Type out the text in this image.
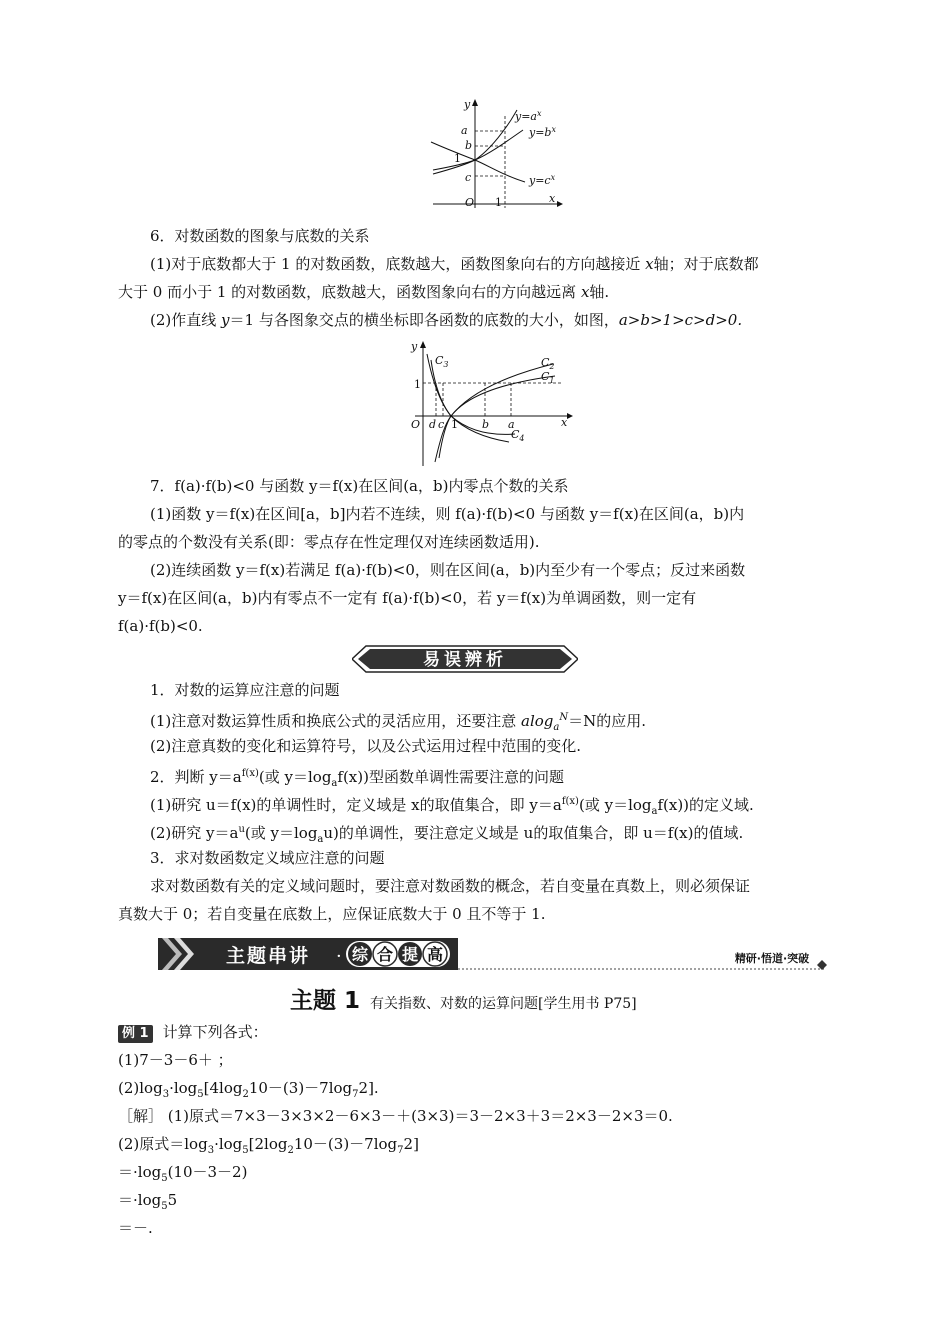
y
x
O 1
1
a
b
c
$y=a^x$
$y=b^x$
$y=c^x$
6．对数函数的图象与底数的关系
(1)对于底数都大于 1 的对数函数，底数越大，函数图象向右的方向越接近 x轴；对于底数都
大于 0 而小于 1 的对数函数，底数越大，函数图象向右的方向越远离 x轴.
(2)作直线 y＝1 与各图象交点的横坐标即各函数的底数的大小，如图，a>b>1>c>d>0.
y
x
O
1
1
d c	b a
$C_2$
$C_1$
$C_3$
$C_4$
7．f(a)·f(b)<0 与函数 y＝f(x)在区间(a，b)内零点个数的关系
(1)函数 y＝f(x)在区间[a，b]内若不连续，则 f(a)·f(b)<0 与函数 y＝f(x)在区间(a，b)内
的零点的个数没有关系(即：零点存在性定理仅对连续函数适用).
(2)连续函数 y＝f(x)若满足 f(a)·f(b)<0，则在区间(a，b)内至少有一个零点；反过来函数
y＝f(x)在区间(a，b)内有零点不一定有 f(a)·f(b)<0，若 y＝f(x)为单调函数，则一定有
f(a)·f(b)<0.
易误辨析
1．对数的运算应注意的问题
(1)注意对数运算性质和换底公式的灵活应用，还要注意 alog$_a^N$＝N的应用.
(2)注意真数的变化和运算符号，以及公式运用过程中范围的变化.
2．判断 $y=a^{f(x)}$(或 $y=\log_af(x)$)型函数单调性需要注意的问题
(1)研究 u＝f(x)的单调性时，定义域是 x的取值集合，即 $y=a^{f(x)}$(或 $y=\log_af(x)$)的定义域.
(2)研究 $y=a^u$(或 $y=\log_au$)的单调性，要注意定义域是 u的取值集合，即 u＝f(x)的值域.
3．求对数函数定义域应注意的问题
求对数函数有关的定义域问题时，要注意对数函数的概念，若自变量在真数上，则必须保证
真数大于 0；若自变量在底数上，应保证底数大于 0 且不等于 1.
主题串讲 · 综 合 提 高	精研·悟道·突破
主题 1 有关指数、对数的运算问题[学生用书 P75]
例 1 计算下列各式：
(1)7－3－6＋ ；
$(2)\log_3\cdot\log_5[4\log_210-(3)-7\log_72]$.
［解］ (1)原式＝7×3－3×3×2－6×3－＋(3×3)＝3－2×3＋3＝2×3－2×3＝0.
(2)原式$=\log_3\cdot\log_5[2\log_210-(3)-7\log_72]$
$=\cdot\log_5(10-3-2)$
$=\cdot\log_55$
＝－.
